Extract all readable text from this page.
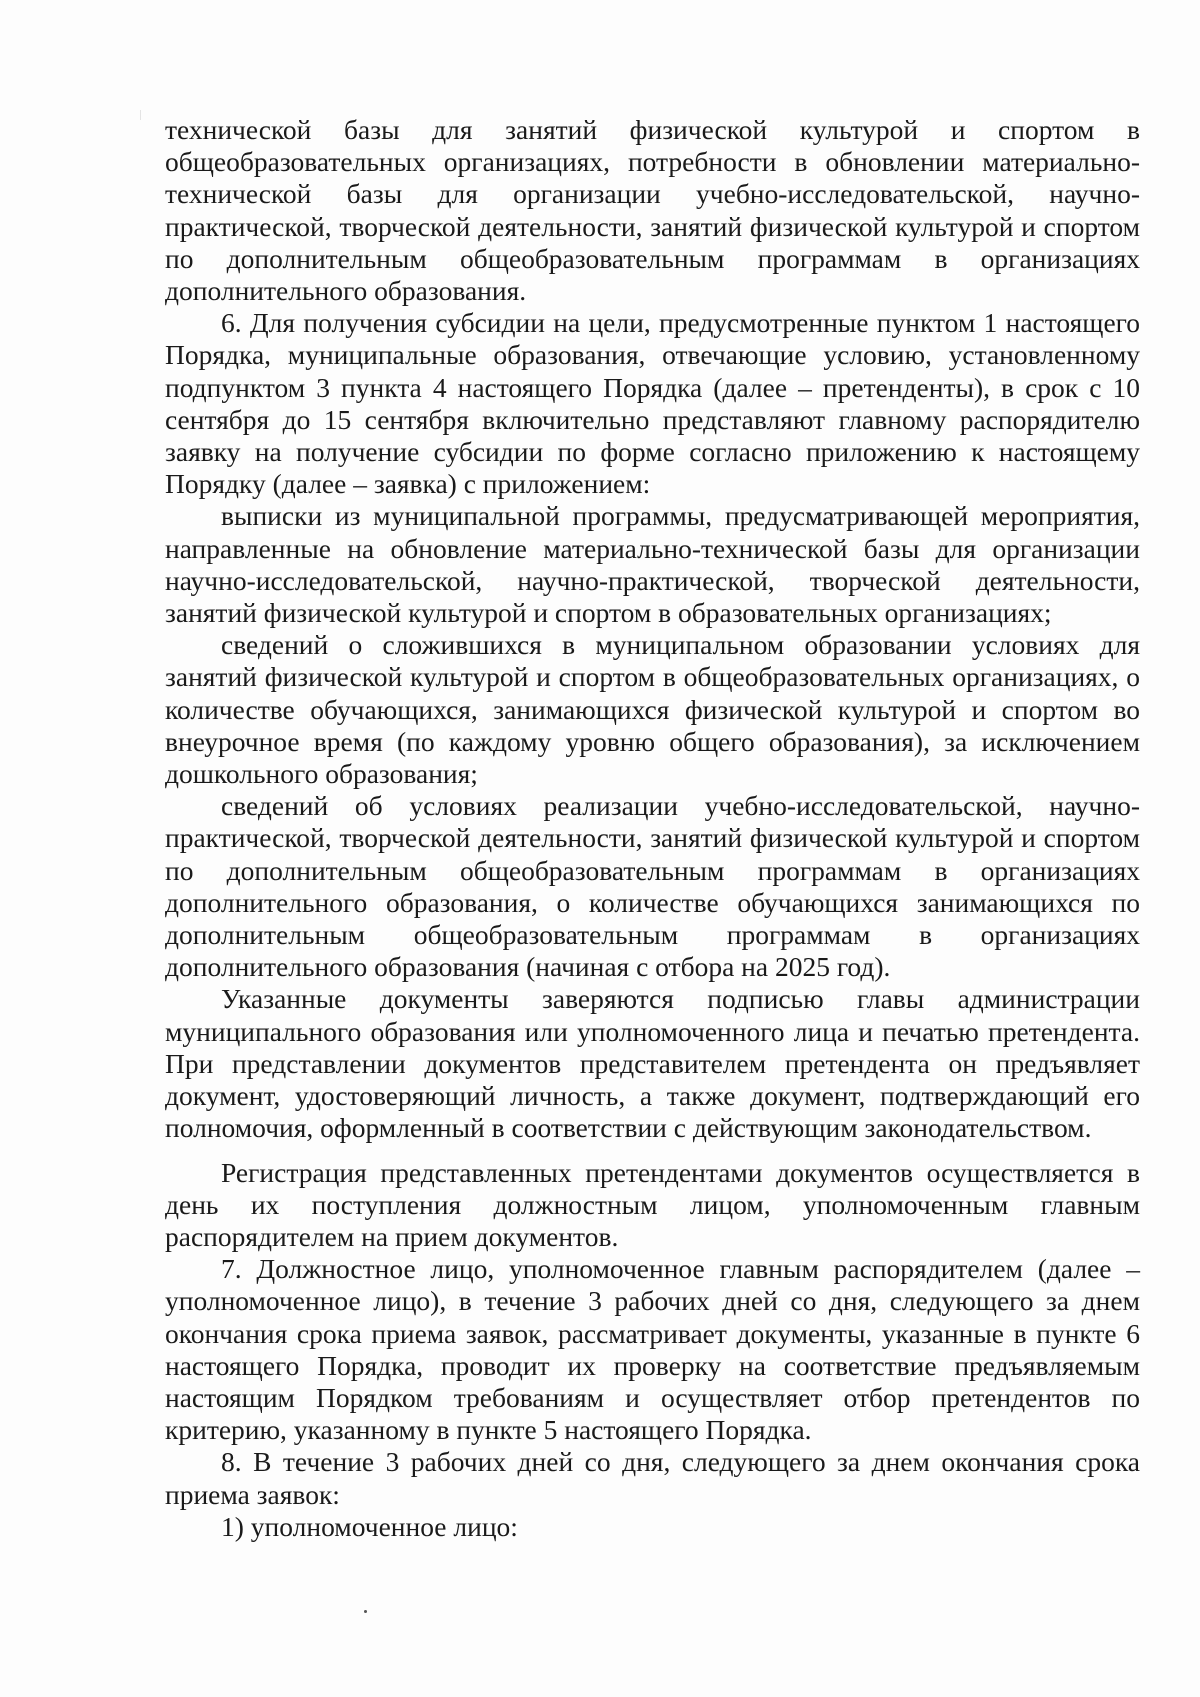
технической базы для занятий физической культурой и спортом в общеобразовательных организациях, потребности в обновлении материально-технической базы для организации учебно-исследовательской, научно-практической, творческой деятельности, занятий физической культурой и спортом по дополнительным общеобразовательным программам в организациях дополнительного образования.

6. Для получения субсидии на цели, предусмотренные пунктом 1 настоящего Порядка, муниципальные образования, отвечающие условию, установленному подпунктом 3 пункта 4 настоящего Порядка (далее – претенденты), в срок с 10 сентября до 15 сентября включительно представляют главному распорядителю заявку на получение субсидии по форме согласно приложению к настоящему Порядку (далее – заявка) с приложением:

выписки из муниципальной программы, предусматривающей мероприятия, направленные на обновление материально-технической базы для организации научно-исследовательской, научно-практической, творческой деятельности, занятий физической культурой и спортом в образовательных организациях;

сведений о сложившихся в муниципальном образовании условиях для занятий физической культурой и спортом в общеобразовательных организациях, о количестве обучающихся, занимающихся физической культурой и спортом во внеурочное время (по каждому уровню общего образования), за исключением дошкольного образования;

сведений об условиях реализации учебно-исследовательской, научно-практической, творческой деятельности, занятий физической культурой и спортом по дополнительным общеобразовательным программам в организациях дополнительного образования, о количестве обучающихся занимающихся по дополнительным общеобразовательным программам в организациях дополнительного образования (начиная с отбора на 2025 год).

Указанные документы заверяются подписью главы администрации муниципального образования или уполномоченного лица и печатью претендента. При представлении документов представителем претендента он предъявляет документ, удостоверяющий личность, а также документ, подтверждающий его полномочия, оформленный в соответствии с действующим законодательством.

Регистрация представленных претендентами документов осуществляется в день их поступления должностным лицом, уполномоченным главным распорядителем на прием документов.

7. Должностное лицо, уполномоченное главным распорядителем (далее – уполномоченное лицо), в течение 3 рабочих дней со дня, следующего за днем окончания срока приема заявок, рассматривает документы, указанные в пункте 6 настоящего Порядка, проводит их проверку на соответствие предъявляемым настоящим Порядком требованиям и осуществляет отбор претендентов по критерию, указанному в пункте 5 настоящего Порядка.

8. В течение 3 рабочих дней со дня, следующего за днем окончания срока приема заявок:

1) уполномоченное лицо:
